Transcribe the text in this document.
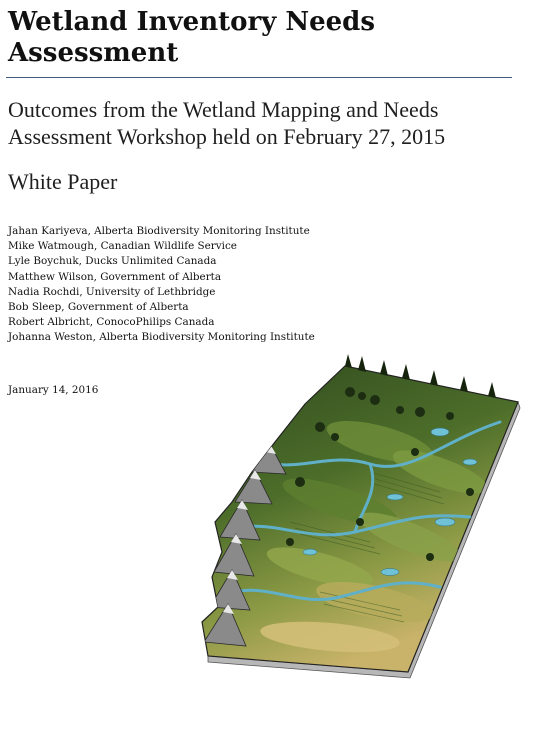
Wetland Inventory Needs Assessment

Outcomes from the Wetland Mapping and Needs Assessment Workshop held on February 27, 2015

White Paper

Jahan Kariyeva, Alberta Biodiversity Monitoring Institute
Mike Watmough, Canadian Wildlife Service
Lyle Boychuk, Ducks Unlimited Canada
Matthew Wilson, Government of Alberta
Nadia Rochdi, University of Lethbridge
Bob Sleep, Government of Alberta
Robert Albricht, ConocoPhilips Canada
Johanna Weston, Alberta Biodiversity Monitoring Institute

January 14, 2016
